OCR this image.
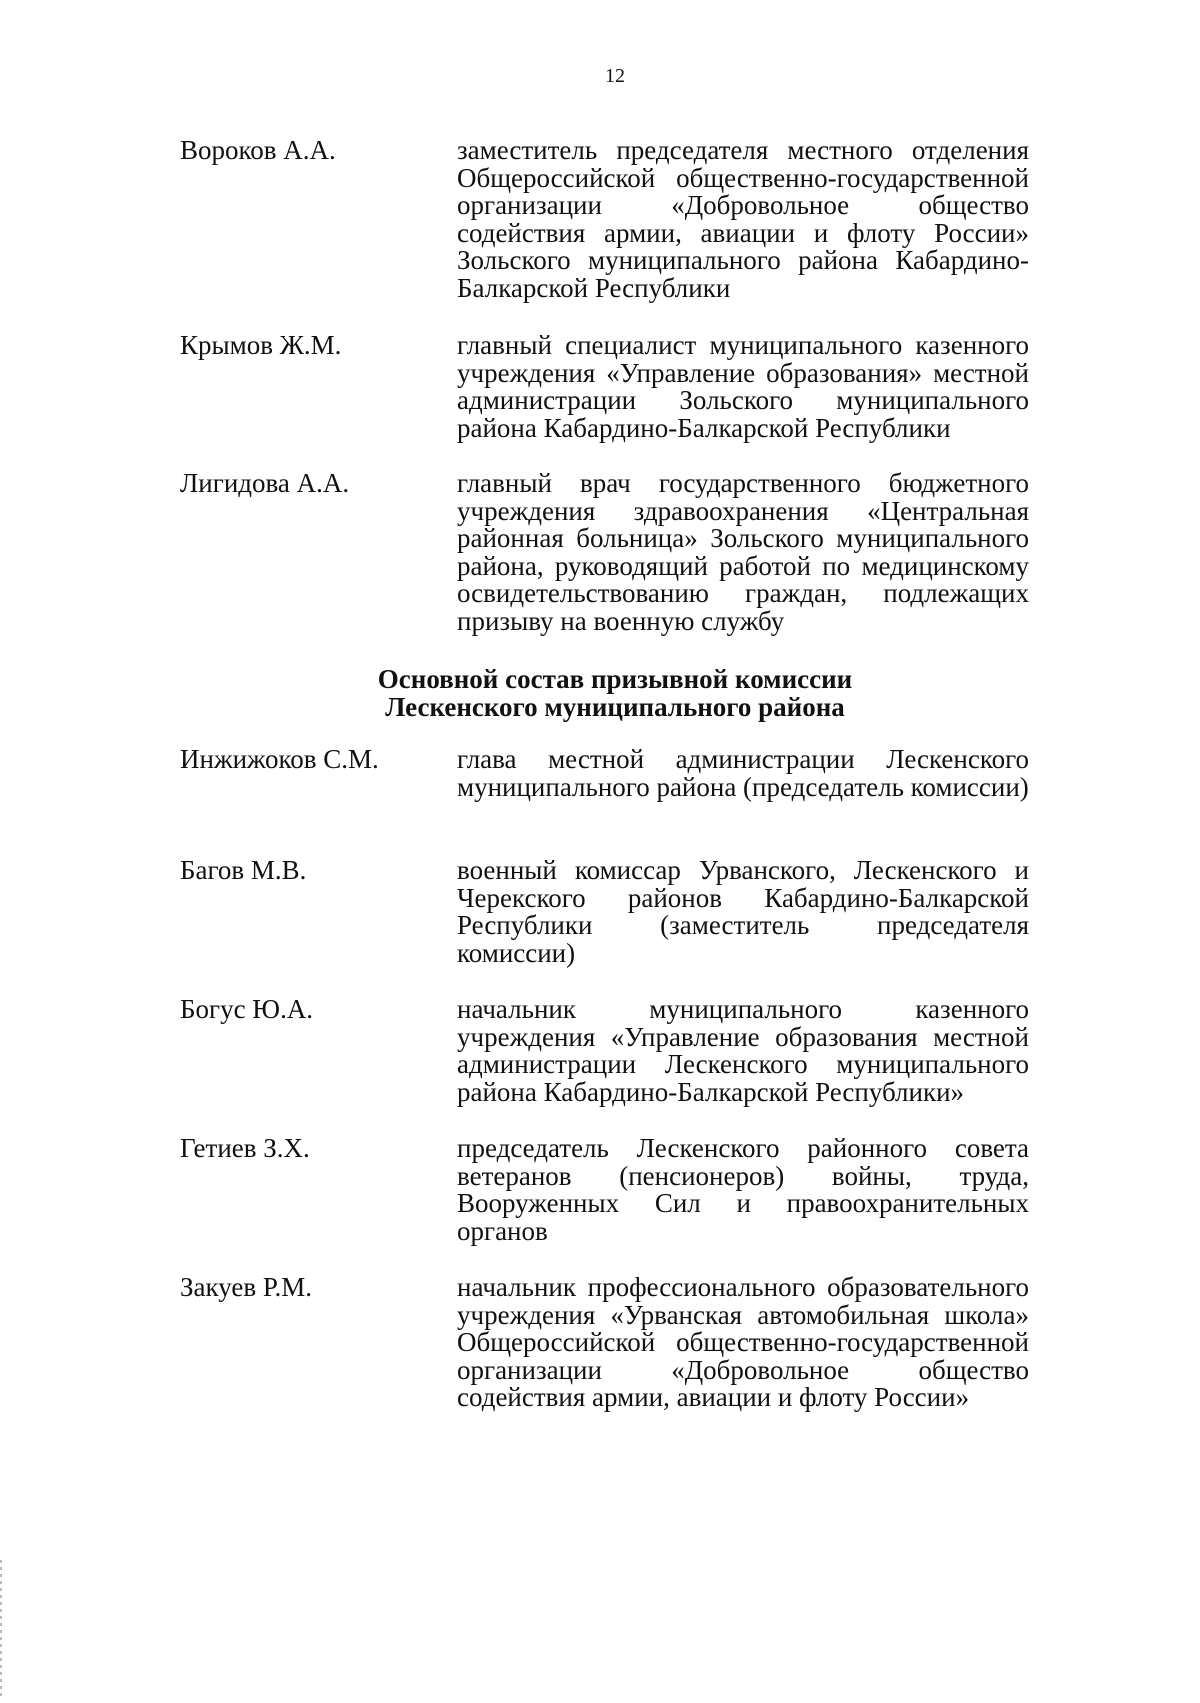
12
Вороков А.А.	заместитель председателя местного отделения Общероссийской общественно-государственной организации «Добровольное общество содействия армии, авиации и флоту России» Зольского муниципального района Кабардино-Балкарской Республики
Крымов Ж.М.	главный специалист муниципального казенного учреждения «Управление образования» местной администрации Зольского муниципального района Кабардино-Балкарской Республики
Лигидова А.А.	главный врач государственного бюджетного учреждения здравоохранения «Центральная районная больница» Зольского муниципального района, руководящий работой по медицинскому освидетельствованию граждан, подлежащих призыву на военную службу
Основной состав призывной комиссии
Лескенского муниципального района
Инжижоков С.М.	глава местной администрации Лескенского муниципального района (председатель комиссии)
Багов М.В.	военный комиссар Урванского, Лескенского и Черекского районов Кабардино-Балкарской Республики (заместитель председателя комиссии)
Богус Ю.А.	начальник муниципального казенного учреждения «Управление образования местной администрации Лескенского муниципального района Кабардино-Балкарской Республики»
Гетиев З.Х.	председатель Лескенского районного совета ветеранов (пенсионеров) войны, труда, Вооруженных Сил и правоохранительных органов
Закуев Р.М.	начальник профессионального образовательного учреждения «Урванская автомобильная школа» Общероссийской общественно-государственной организации «Добровольное общество содействия армии, авиации и флоту России»
